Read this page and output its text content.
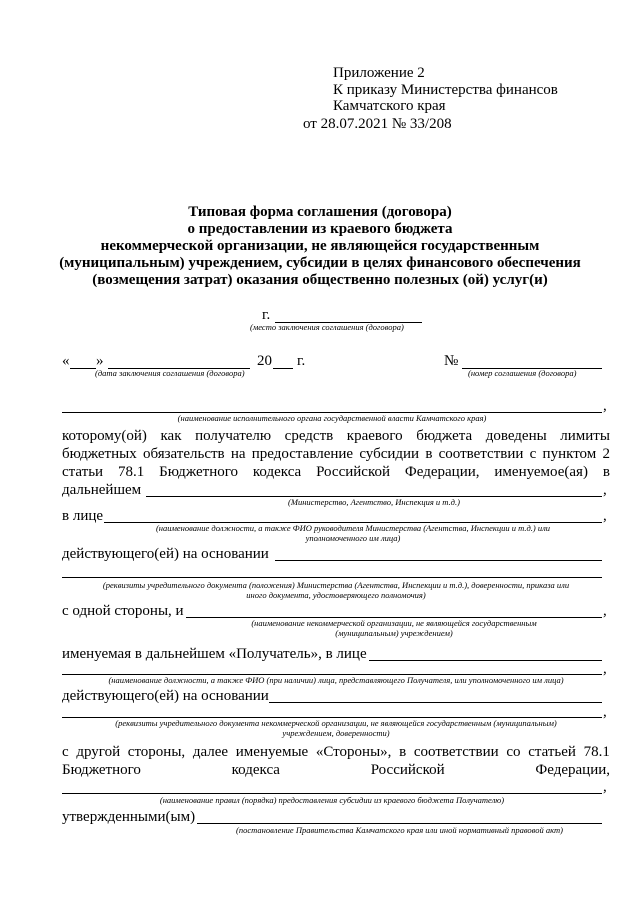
Приложение 2
К приказу Министерства финансов
Камчатского края
от 28.07.2021 № 33/208
Типовая форма соглашения (договора)
о предоставлении из краевого бюджета
некоммерческой организации, не являющейся государственным
(муниципальным) учреждением, субсидии в целях финансового обеспечения
(возмещения затрат) оказания общественно полезных (ой) услуг(и)
г.
(место заключения соглашения (договора)
« »	20 г.
(дата заключения соглашения (договора)
№
(номер соглашения (договора)
,
(наименование исполнительного органа государственной власти Камчатского края)
которому(ой) как получателю средств краевого бюджета доведены лимиты
бюджетных обязательств на предоставление субсидии в соответствии с пунктом 2
статьи 78.1 Бюджетного кодекса Российской Федерации, именуемое(ая) в
дальнейшем	,
(Министерство, Агентство, Инспекция и т.д.)
в лице	,
(наименование должности, а также ФИО руководителя Министерства (Агентства, Инспекции и т.д.) или
уполномоченного им лица)
действующего(ей) на основании
(реквизиты учредительного документа (положения) Министерства (Агентства, Инспекции и т.д.), доверенности, приказа или
иного документа, удостоверяющего полномочия)
с одной стороны, и	,
(наименование некоммерческой организации, не являющейся государственным
(муниципальным) учреждением)
именуемая в дальнейшем «Получатель», в лице
,
(наименование должности, а также ФИО (при наличии) лица, представляющего Получателя, или уполномоченного им лица)
действующего(ей) на основании
,
(реквизиты учредительного документа некоммерческой организации, не являющейся государственным (муниципальным)
учреждением, доверенности)
с другой стороны, далее именуемые «Стороны», в соответствии со статьей 78.1
Бюджетного	кодекса	Российской	Федерации,
,
(наименование правил (порядка) предоставления субсидии из краевого бюджета Получателю)
утвержденными(ым)
(постановление Правительства Камчатского края или иной нормативный правовой акт)
